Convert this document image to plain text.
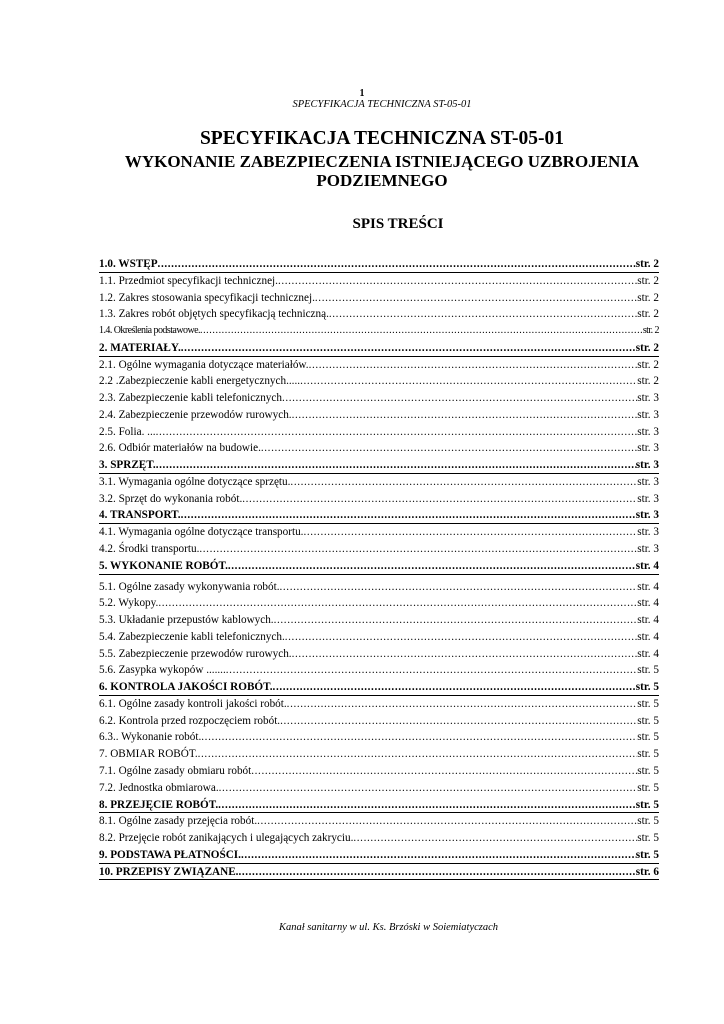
1
SPECYFIKACJA TECHNICZNA ST-05-01
SPECYFIKACJA TECHNICZNA ST-05-01
WYKONANIE ZABEZPIECZENIA ISTNIEJĄCEGO UZBROJENIA PODZIEMNEGO
SPIS TREŚCI
1.0. WSTĘP .....	str. 2
1.1. Przedmiot specyfikacji technicznej. .....	str. 2
1.2. Zakres stosowania specyfikacji technicznej. .....	str. 2
1.3. Zakres robót objętych specyfikacją techniczną. .....	str. 2
1.4. Określenia podstawowe. .....	str. 2
2. MATERIAŁY. .....	str. 2
2.1. Ogólne wymagania dotyczące materiałów. .....	str. 2
2.2 .Zabezpieczenie kabli energetycznych..... .....	str. 2
2.3. Zabezpieczenie kabli telefonicznych .....	str. 3
2.4. Zabezpieczenie przewodów rurowych. .....	str. 3
2.5. Folia. ... .....	str. 3
2.6. Odbiór materiałów na budowie. .....	str. 3
3. SPRZĘT. .....	str. 3
3.1. Wymagania ogólne dotyczące sprzętu. .....	str. 3
3.2. Sprzęt do wykonania robót. .....	str. 3
4. TRANSPORT. .....	str. 3
4.1. Wymagania ogólne dotyczące transportu. .....	str. 3
4.2. Środki transportu. .....	str. 3
5. WYKONANIE ROBÓT. .....	str. 4
5.1. Ogólne zasady wykonywania robót. .....	str. 4
5.2. Wykopy. .....	str. 4
5.3. Układanie przepustów kablowych. .....	str. 4
5.4. Zabezpieczenie kabli telefonicznych. .....	str. 4
5.5. Zabezpieczenie przewodów rurowych. .....	str. 4
5.6. Zasypka wykopów ....... .....	str. 5
6. KONTROLA JAKOŚCI ROBÓT. .....	str. 5
6.1. Ogólne zasady kontroli jakości robót. .....	str. 5
6.2. Kontrola przed rozpoczęciem robót. .....	str. 5
6.3.. Wykonanie robót. .....	str. 5
7. OBMIAR ROBÓT. .....	str. 5
7.1. Ogólne zasady obmiaru robót .....	str. 5
7.2. Jednostka obmiarowa. .....	str. 5
8. PRZEJĘCIE ROBÓT. .....	str. 5
8.1. Ogólne zasady przejęcia robót. .....	str. 5
8.2. Przejęcie robót zanikających i ulegających zakryciu. .....	str. 5
9. PODSTAWA PŁATNOŚCI. .....	str. 5
10. PRZEPISY ZWIĄZANE. .....	str. 6
Kanał sanitarny w ul. Ks. Brzóski w Soiemiatyczach
